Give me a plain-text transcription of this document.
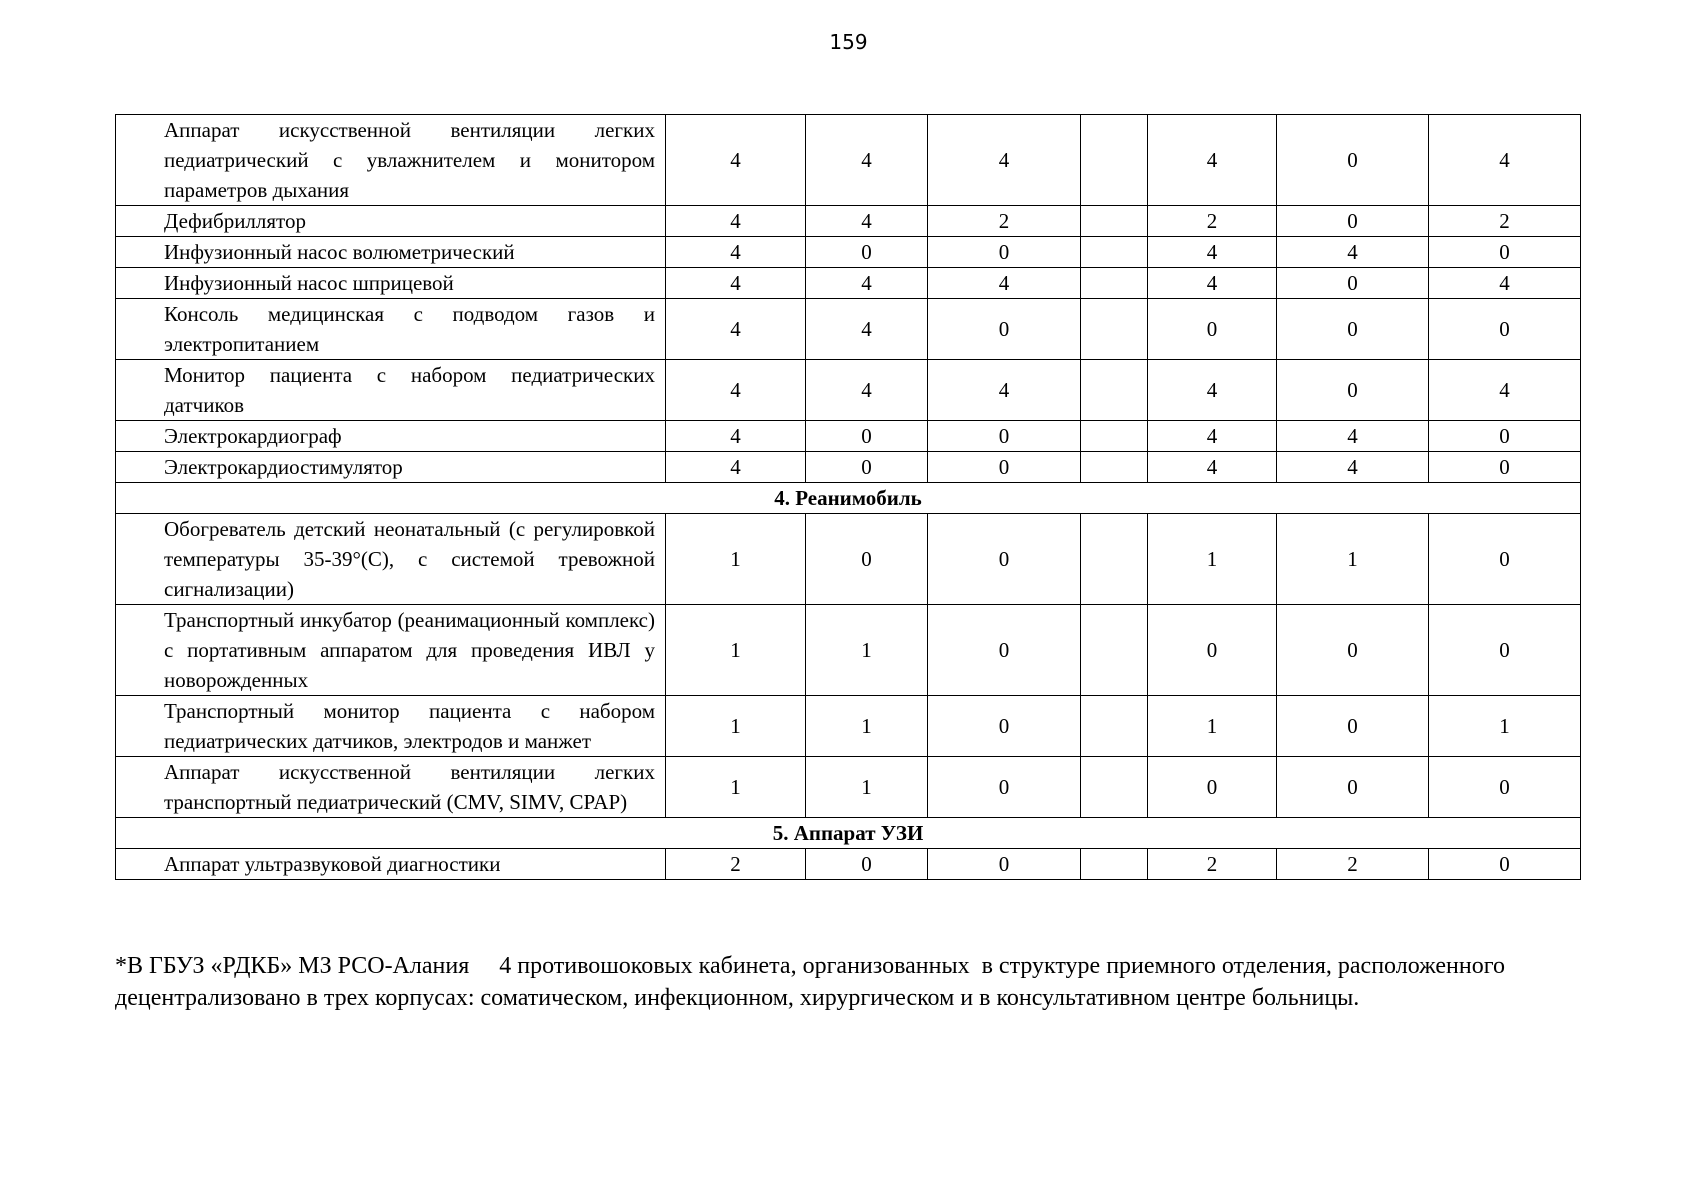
159
Аппарат искусственной вентиляции легких педиатрический с увлажнителем и монитором параметров дыхания	4	4	4		4	0	4
Дефибриллятор	4	4	2		2	0	2
Инфузионный насос волюметрический	4	0	0		4	4	0
Инфузионный насос шприцевой	4	4	4		4	0	4
Консоль медицинская с подводом газов и электропитанием	4	4	0		0	0	0
Монитор пациента с набором педиатрических датчиков	4	4	4		4	0	4
Электрокардиограф	4	0	0		4	4	0
Электрокардиостимулятор	4	0	0		4	4	0
4. Реанимобиль							
Обогреватель детский неонатальный (с регулировкой температуры 35-39°(С), с системой тревожной сигнализации)	1	0	0		1	1	0
Транспортный инкубатор (реанимационный комплекс) с портативным аппаратом для проведения ИВЛ у новорожденных	1	1	0		0	0	0
Транспортный монитор пациента с набором педиатрических датчиков, электродов и манжет	1	1	0		1	0	1
Аппарат искусственной вентиляции легких транспортный педиатрический (CMV, SIMV, CPAP)	1	1	0		0	0	0
5. Аппарат УЗИ							
Аппарат ультразвуковой диагностики	2	0	0		2	2	0
*В ГБУЗ «РДКБ» МЗ РСО-Алания     4 противошоковых кабинета, организованных  в структуре приемного отделения, расположенного децентрализовано в трех корпусах: соматическом, инфекционном, хирургическом и в консультативном центре больницы.
